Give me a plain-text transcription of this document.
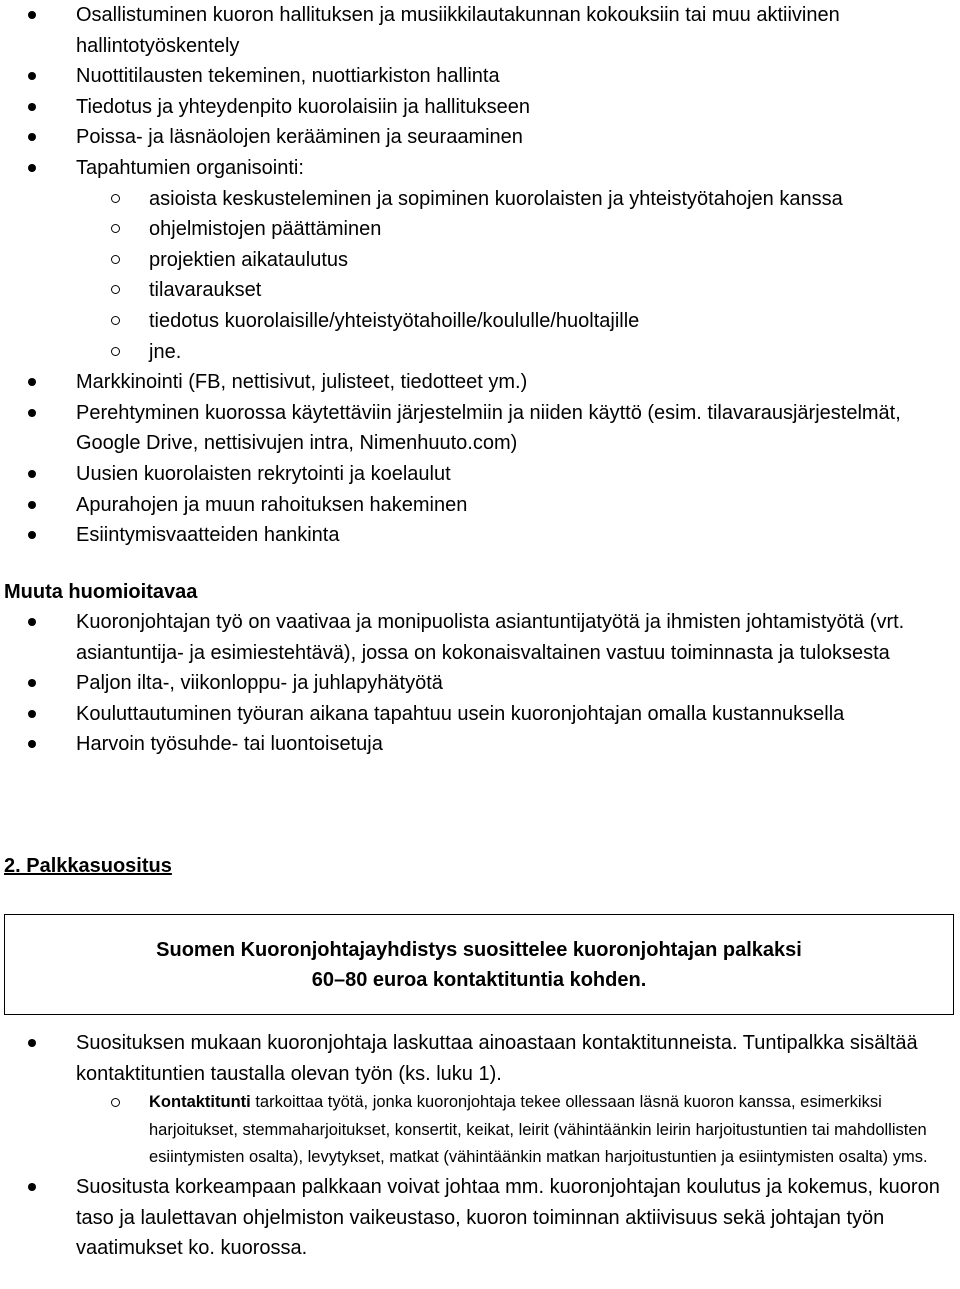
Osallistuminen kuoron hallituksen ja musiikkilautakunnan kokouksiin tai muu aktiivinen hallintotyöskentely
Nuottitilausten tekeminen, nuottiarkiston hallinta
Tiedotus ja yhteydenpito kuorolaisiin ja hallitukseen
Poissa- ja läsnäolojen kerääminen ja seuraaminen
Tapahtumien organisointi:
asioista keskusteleminen ja sopiminen kuorolaisten ja yhteistyötahojen kanssa
ohjelmistojen päättäminen
projektien aikataulutus
tilavaraukset
tiedotus kuorolaisille/yhteistyötahoille/koululle/huoltajille
jne.
Markkinointi (FB, nettisivut, julisteet, tiedotteet ym.)
Perehtyminen kuorossa käytettäviin järjestelmiin ja niiden käyttö (esim. tilavarausjärjestelmät, Google Drive, nettisivujen intra, Nimenhuuto.com)
Uusien kuorolaisten rekrytointi ja koelaulut
Apurahojen ja muun rahoituksen hakeminen
Esiintymisvaatteiden hankinta
Muuta huomioitavaa
Kuoronjohtajan työ on vaativaa ja monipuolista asiantuntijatyötä ja ihmisten johtamistyötä (vrt. asiantuntija- ja esimiestehtävä), jossa on kokonaisvaltainen vastuu toiminnasta ja tuloksesta
Paljon ilta-, viikonloppu- ja juhlapyhätyötä
Kouluttautuminen työuran aikana tapahtuu usein kuoronjohtajan omalla kustannuksella
Harvoin työsuhde- tai luontoisetuja
2. Palkkasuositus
Suomen Kuoronjohtajayhdistys suosittelee kuoronjohtajan palkaksi
60–80 euroa kontaktituntia kohden.
Suosituksen mukaan kuoronjohtaja laskuttaa ainoastaan kontaktitunneista. Tuntipalkka sisältää kontaktituntien taustalla olevan työn (ks. luku 1).
Kontaktitunti tarkoittaa työtä, jonka kuoronjohtaja tekee ollessaan läsnä kuoron kanssa, esimerkiksi harjoitukset, stemmaharjoitukset, konsertit, keikat, leirit (vähintäänkin leirin harjoitustuntien tai mahdollisten esiintymisten osalta), levytykset, matkat (vähintäänkin matkan harjoitustuntien ja esiintymisten osalta) yms.
Suositusta korkeampaan palkkaan voivat johtaa mm. kuoronjohtajan koulutus ja kokemus, kuoron taso ja laulettavan ohjelmiston vaikeustaso, kuoron toiminnan aktiivisuus sekä johtajan työn vaatimukset ko. kuorossa.
